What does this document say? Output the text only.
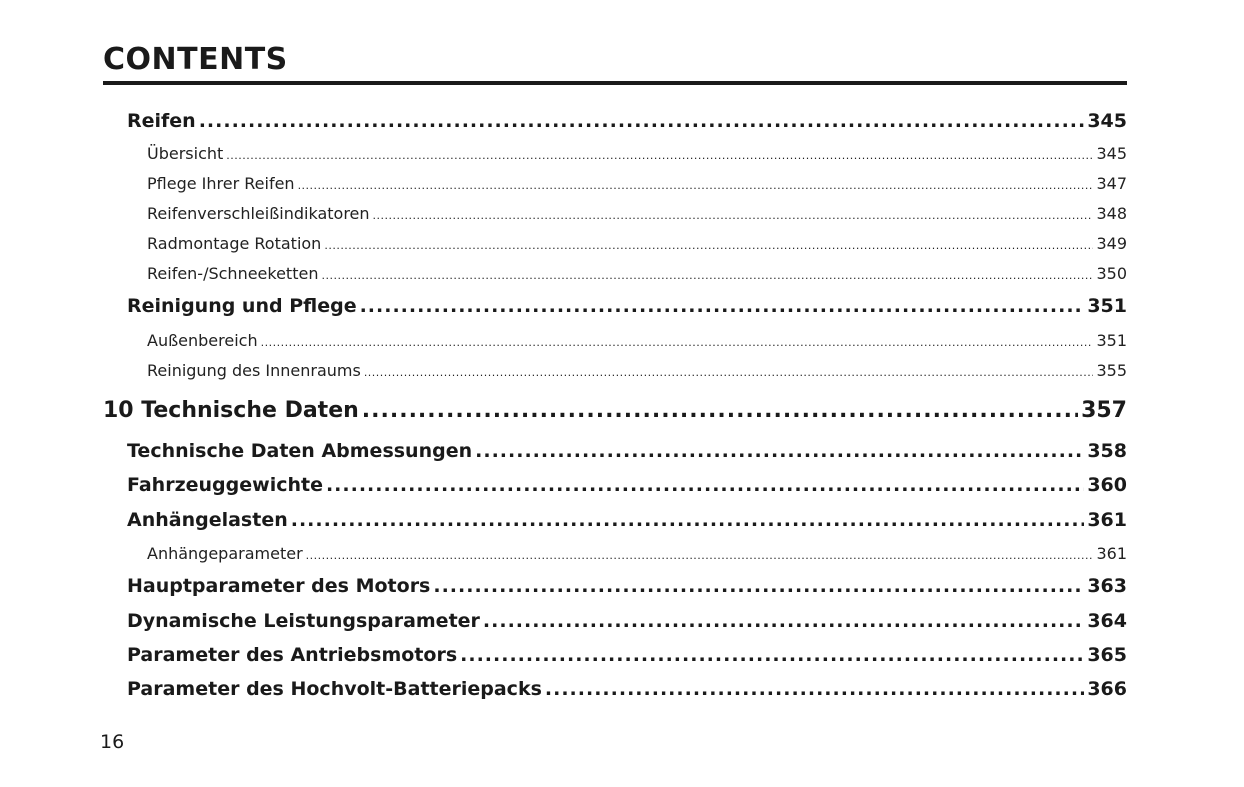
CONTENTS
Reifen .....	345
Übersicht .....	345
Pflege Ihrer Reifen .....	347
Reifenverschleißindikatoren .....	348
Radmontage Rotation .....	349
Reifen-/Schneeketten .....	350
Reinigung und Pflege .....	351
Außenbereich .....	351
Reinigung des Innenraums .....	355
10 Technische Daten .....	357
Technische Daten Abmessungen .....	358
Fahrzeuggewichte .....	360
Anhängelasten .....	361
Anhängeparameter .....	361
Hauptparameter des Motors .....	363
Dynamische Leistungsparameter .....	364
Parameter des Antriebsmotors .....	365
Parameter des Hochvolt-Batteriepacks .....	366
16
